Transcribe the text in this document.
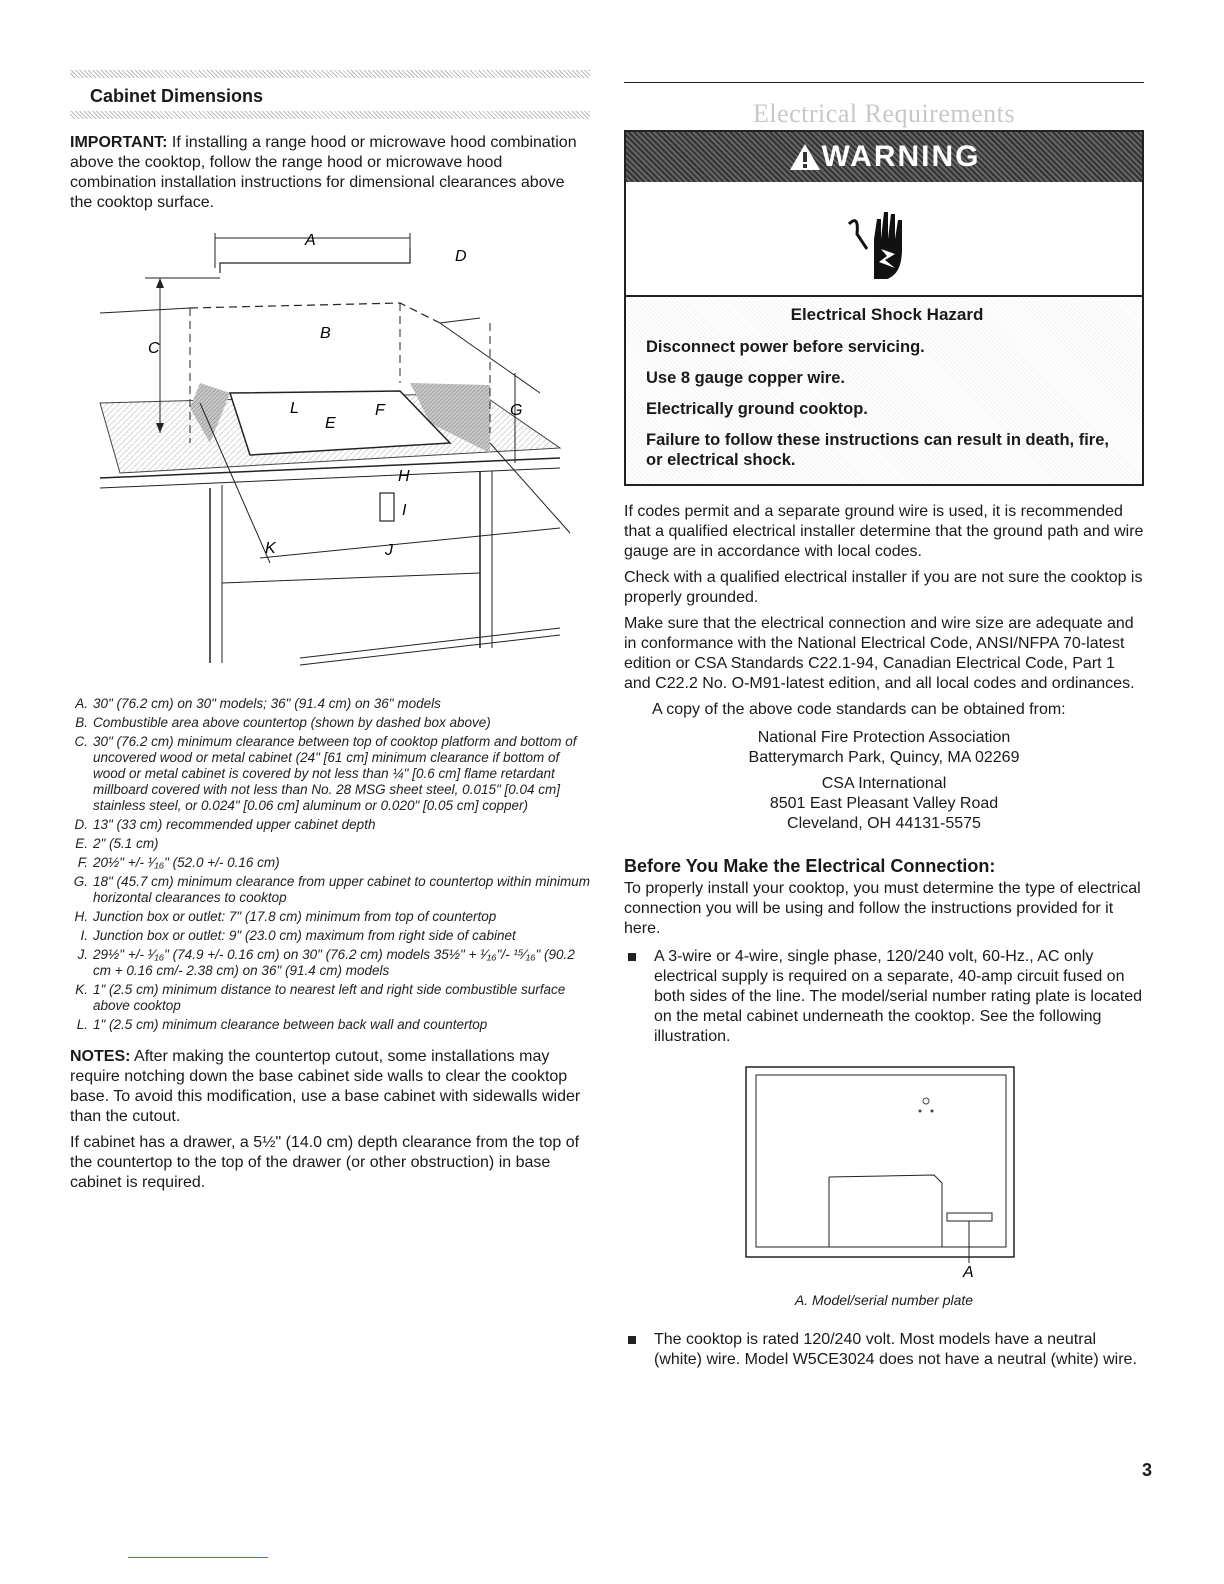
Cabinet Dimensions

IMPORTANT: If installing a range hood or microwave hood combination above the cooktop, follow the range hood or microwave hood combination installation instructions for dimensional clearances above the cooktop surface.

A
B
C
D
E
F	G
H
I
J
K
L
A. 30" (76.2 cm) on 30" models; 36" (91.4 cm) on 36" models
B. Combustible area above countertop (shown by dashed box above)
C. 30" (76.2 cm) minimum clearance between top of cooktop platform and bottom of uncovered wood or metal cabinet (24" [61 cm] minimum clearance if bottom of wood or metal cabinet is covered by not less than ¼" [0.6 cm] flame retardant millboard covered with not less than No. 28 MSG sheet steel, 0.015" [0.04 cm] stainless steel, or 0.024" [0.06 cm] aluminum or 0.020" [0.05 cm] copper)
D. 13" (33 cm) recommended upper cabinet depth
E. 2" (5.1 cm)
F. 20½" +/- ¹⁄₁₆" (52.0 +/- 0.16 cm)
G. 18" (45.7 cm) minimum clearance from upper cabinet to countertop within minimum horizontal clearances to cooktop
H. Junction box or outlet: 7" (17.8 cm) minimum from top of countertop
I. Junction box or outlet: 9" (23.0 cm) maximum from right side of cabinet
J. 29½" +/- ¹⁄₁₆" (74.9 +/- 0.16 cm) on 30" (76.2 cm) models 35½" + ¹⁄₁₆"/- ¹⁵⁄₁₆" (90.2 cm + 0.16 cm/- 2.38 cm) on 36" (91.4 cm) models
K. 1" (2.5 cm) minimum distance to nearest left and right side combustible surface above cooktop
L. 1" (2.5 cm) minimum clearance between back wall and countertop

NOTES: After making the countertop cutout, some installations may require notching down the base cabinet side walls to clear the cooktop base. To avoid this modification, use a base cabinet with sidewalls wider than the cutout.

If cabinet has a drawer, a 5½" (14.0 cm) depth clearance from the top of the countertop to the top of the drawer (or other obstruction) in base cabinet is required.

Electrical Requirements
WARNING
Electrical Shock Hazard
Disconnect power before servicing.
Use 8 gauge copper wire.
Electrically ground cooktop.
Failure to follow these instructions can result in death, fire, or electrical shock.

If codes permit and a separate ground wire is used, it is recommended that a qualified electrical installer determine that the ground path and wire gauge are in accordance with local codes.

Check with a qualified electrical installer if you are not sure the cooktop is properly grounded.

Make sure that the electrical connection and wire size are adequate and in conformance with the National Electrical Code, ANSI/NFPA 70-latest edition or CSA Standards C22.1-94, Canadian Electrical Code, Part 1 and C22.2 No. O-M91-latest edition, and all local codes and ordinances.

A copy of the above code standards can be obtained from:

National Fire Protection Association
Batterymarch Park, Quincy, MA 02269
CSA International
8501 East Pleasant Valley Road
Cleveland, OH 44131-5575
Before You Make the Electrical Connection:

To properly install your cooktop, you must determine the type of electrical connection you will be using and follow the instructions provided for it here.

A 3-wire or 4-wire, single phase, 120/240 volt, 60-Hz., AC only electrical supply is required on a separate, 40-amp circuit fused on both sides of the line. The model/serial number rating plate is located on the metal cabinet underneath the cooktop. See the following illustration.
A
A. Model/serial number plate
The cooktop is rated 120/240 volt. Most models have a neutral (white) wire. Model W5CE3024 does not have a neutral (white) wire.
3
